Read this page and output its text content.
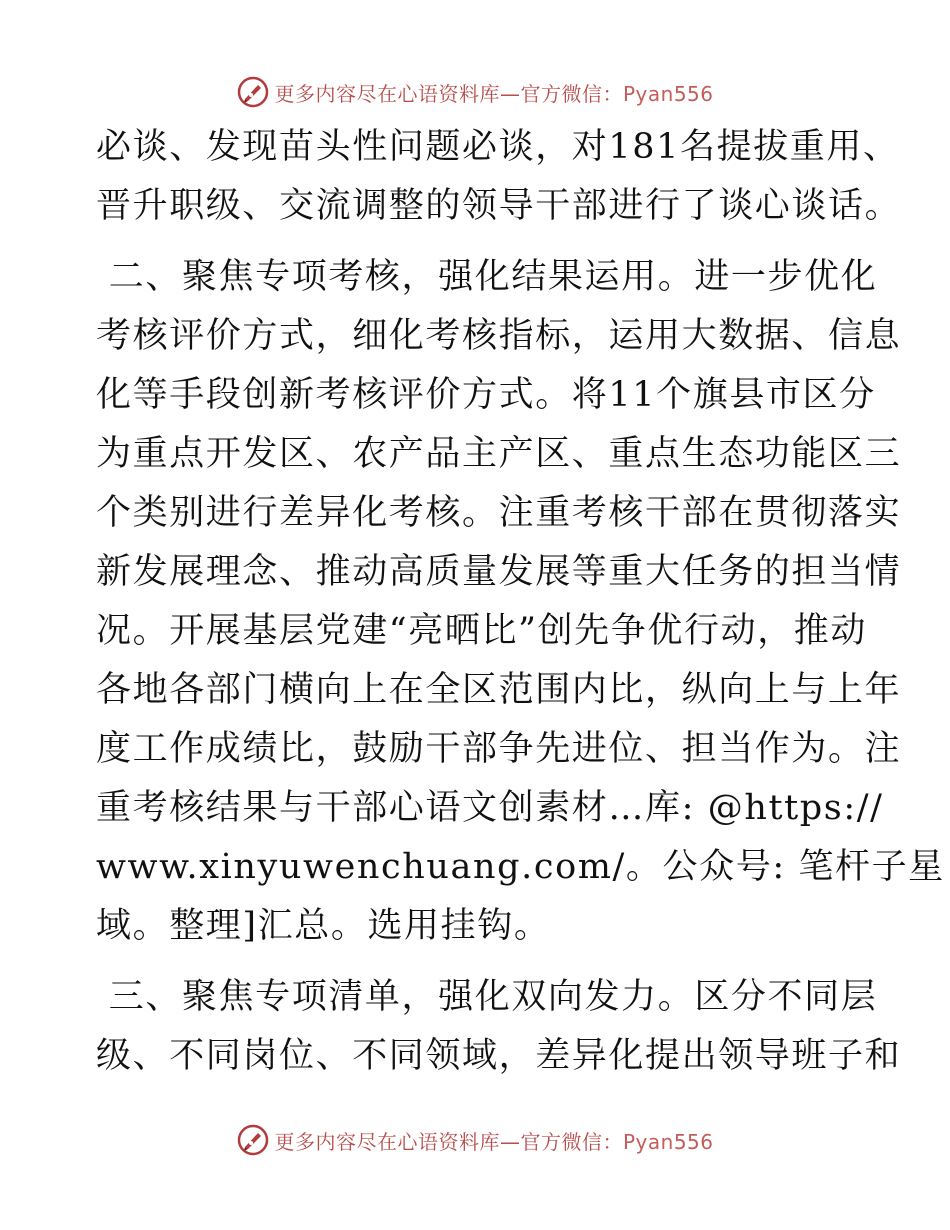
更多内容尽在心语资料库—官方微信：Pyan556
必谈、发现苗头性问题必谈，对181名提拔重用、
晋升职级、交流调整的领导干部进行了谈心谈话。
二、聚焦专项考核，强化结果运用。进一步优化
考核评价方式，细化考核指标，运用大数据、信息
化等手段创新考核评价方式。将11个旗县市区分
为重点开发区、农产品主产区、重点生态功能区三
个类别进行差异化考核。注重考核干部在贯彻落实
新发展理念、推动高质量发展等重大任务的担当情
况。开展基层党建“亮晒比”创先争优行动，推动
各地各部门横向上在全区范围内比，纵向上与上年
度工作成绩比，鼓励干部争先进位、担当作为。注
重考核结果与干部心语文创素材…库: @https://
www.xinyuwenchuang.com/。公众号: 笔杆子星
域。整理]汇总。选用挂钩。
三、聚焦专项清单，强化双向发力。区分不同层
级、不同岗位、不同领域，差异化提出领导班子和
更多内容尽在心语资料库—官方微信：Pyan556
